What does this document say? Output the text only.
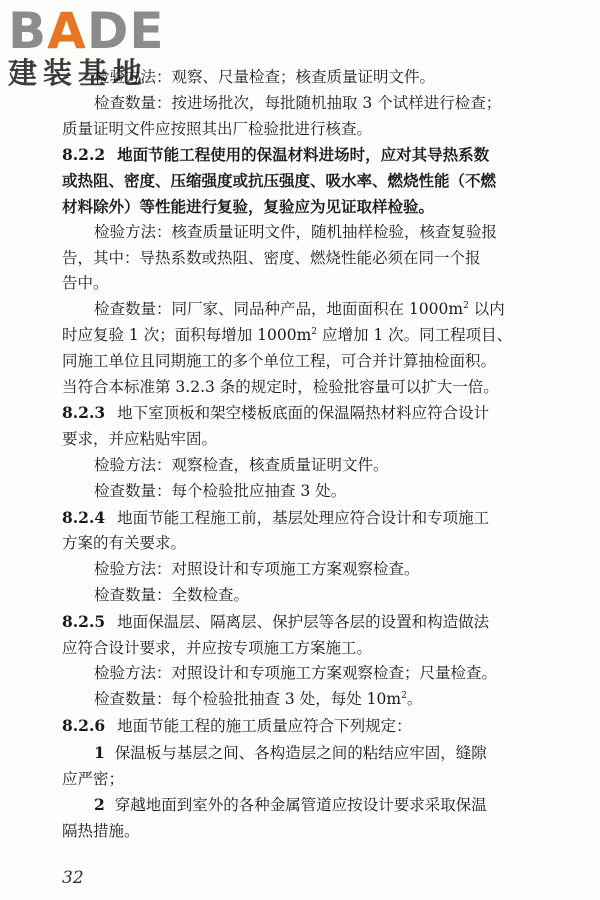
BADE
建装基地
检验方法：观察、尺量检查；核查质量证明文件。
检查数量：按进场批次，每批随机抽取 3 个试样进行检查；
质量证明文件应按照其出厂检验批进行核查。
8.2.2 地面节能工程使用的保温材料进场时，应对其导热系数
或热阻、密度、压缩强度或抗压强度、吸水率、燃烧性能（不燃
材料除外）等性能进行复验，复验应为见证取样检验。
检验方法：核查质量证明文件，随机抽样检验，核查复验报
告，其中：导热系数或热阻、密度、燃烧性能必须在同一个报
告中。
检查数量：同厂家、同品种产品，地面面积在 $1000m^2$ 以内
时应复验 1 次；面积每增加 $1000m^2$ 应增加 1 次。同工程项目、
同施工单位且同期施工的多个单位工程，可合并计算抽检面积。
当符合本标准第 3.2.3 条的规定时，检验批容量可以扩大一倍。
8.2.3 地下室顶板和架空楼板底面的保温隔热材料应符合设计
要求，并应粘贴牢固。
检验方法：观察检查，核查质量证明文件。
检查数量：每个检验批应抽查 3 处。
8.2.4 地面节能工程施工前，基层处理应符合设计和专项施工
方案的有关要求。
检验方法：对照设计和专项施工方案观察检查。
检查数量：全数检查。
8.2.5 地面保温层、隔离层、保护层等各层的设置和构造做法
应符合设计要求，并应按专项施工方案施工。
检验方法：对照设计和专项施工方案观察检查；尺量检查。
检查数量：每个检验批抽查 3 处，每处 $10m^2$。
8.2.6 地面节能工程的施工质量应符合下列规定：
1 保温板与基层之间、各构造层之间的粘结应牢固，缝隙
应严密；
2 穿越地面到室外的各种金属管道应按设计要求采取保温
隔热措施。
32
